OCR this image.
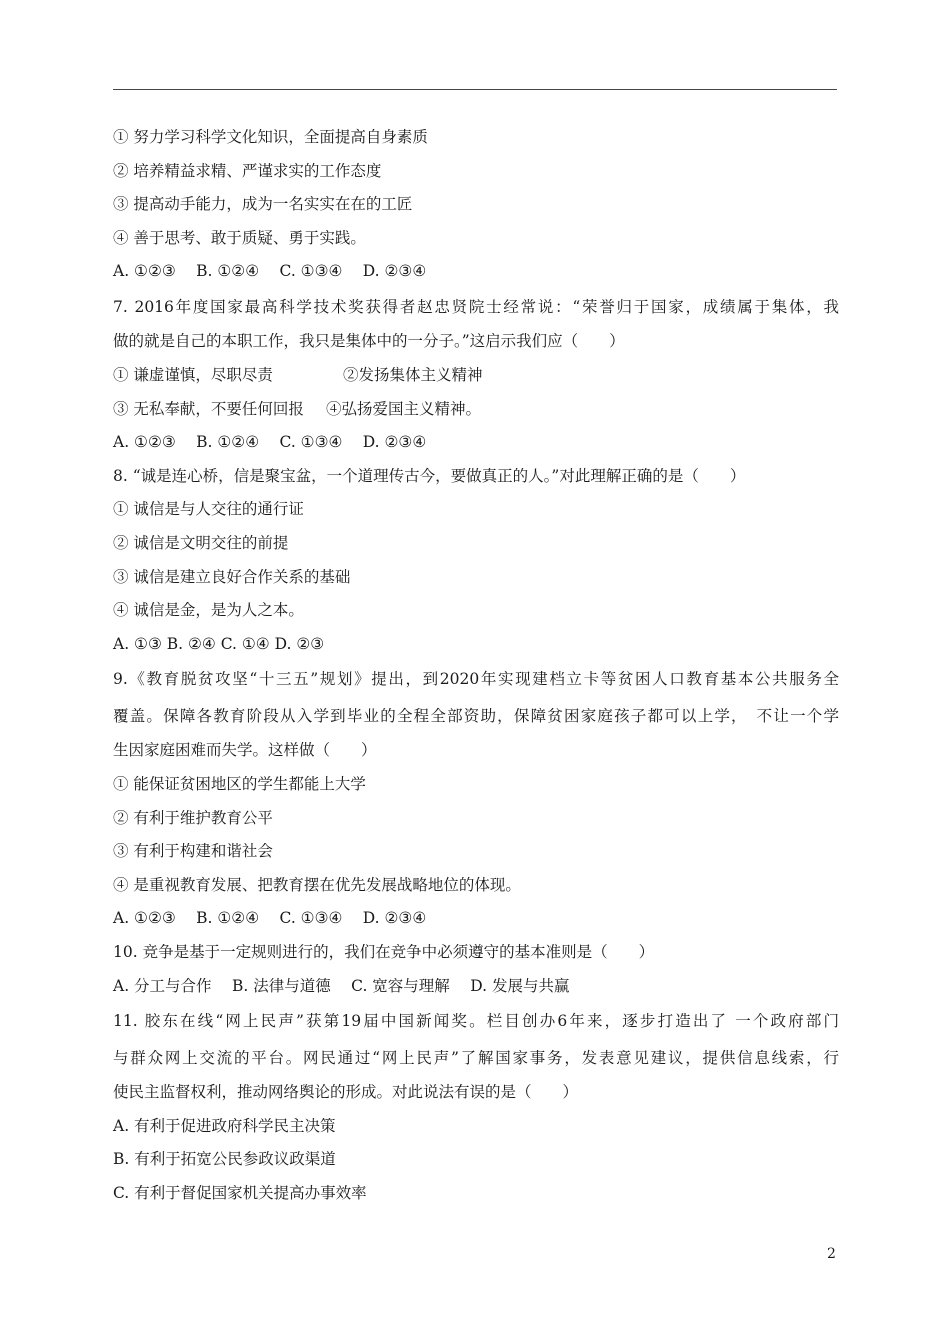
① 努力学习科学文化知识，全面提高自身素质
② 培养精益求精、严谨求实的工作态度
③ 提高动手能力，成为一名实实在在的工匠
④ 善于思考、敢于质疑、勇于实践。
A. ①②③　 B. ①②④　 C. ①③④　 D. ②③④
7. 2016年度国家最高科学技术奖获得者赵忠贤院士经常说：“荣誉归于国家，成绩属于集体，我
做的就是自己的本职工作，我只是集体中的一分子。”这启示我们应（　　）
① 谦虚谨慎，尽职尽责	②发扬集体主义精神
③ 无私奉献，不要任何回报 ④弘扬爱国主义精神。
A. ①②③　 B. ①②④　 C. ①③④　 D. ②③④
8. “诚是连心桥，信是聚宝盆，一个道理传古今，要做真正的人。”对此理解正确的是（　　）
① 诚信是与人交往的通行证
② 诚信是文明交往的前提
③ 诚信是建立良好合作关系的基础
④ 诚信是金，是为人之本。
A. ①③ B. ②④ C. ①④ D. ②③
9.《教育脱贫攻坚“十三五”规划》提出，到2020年实现建档立卡等贫困人口教育基本公共服务全
覆盖。保障各教育阶段从入学到毕业的全程全部资助，保障贫困家庭孩子都可以上学，　不让一个学
生因家庭困难而失学。这样做（　　）
① 能保证贫困地区的学生都能上大学
② 有利于维护教育公平
③ 有利于构建和谐社会
④ 是重视教育发展、把教育摆在优先发展战略地位的体现。
A. ①②③　 B. ①②④　 C. ①③④　 D. ②③④
10. 竞争是基于一定规则进行的，我们在竞争中必须遵守的基本准则是（　　）
A. 分工与合作　 B. 法律与道德　 C. 宽容与理解　 D. 发展与共赢
11. 胶东在线“网上民声”获第19届中国新闻奖。栏目创办6年来，逐步打造出了 一个政府部门
与群众网上交流的平台。网民通过“网上民声”了解国家事务，发表意见建议，提供信息线索，行
使民主监督权利，推动网络舆论的形成。对此说法有误的是（　　）
A. 有利于促进政府科学民主决策
B. 有利于拓宽公民参政议政渠道
C. 有利于督促国家机关提高办事效率
2
